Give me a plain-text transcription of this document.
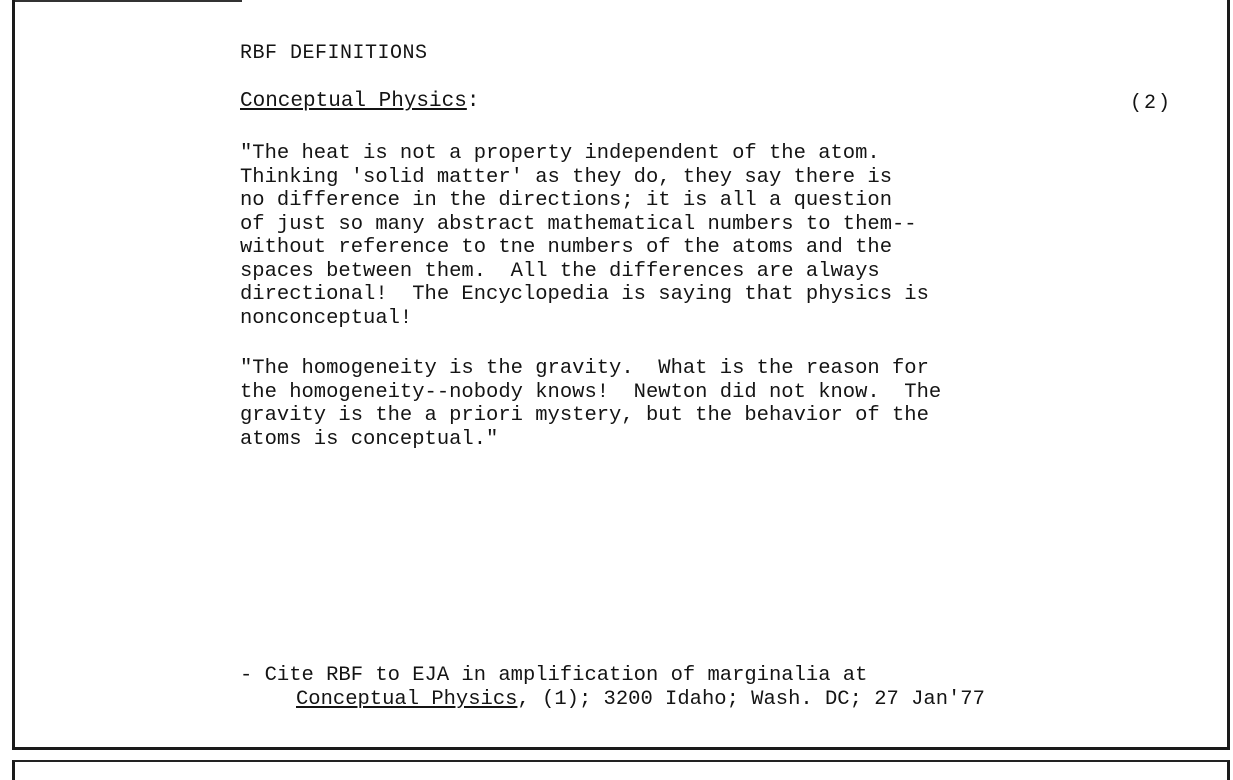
RBF DEFINITIONS
Conceptual Physics:	(2)
"The heat is not a property independent of the atom.
Thinking 'solid matter' as they do, they say there is
no difference in the directions; it is all a question
of just so many abstract mathematical numbers to them--
without reference to tne numbers of the atoms and the
spaces between them.  All the differences are always
directional!  The Encyclopedia is saying that physics is
nonconceptual!
"The homogeneity is the gravity.  What is the reason for
the homogeneity--nobody knows!  Newton did not know.  The
gravity is the a priori mystery, but the behavior of the
atoms is conceptual."
- Cite RBF to EJA in amplification of marginalia at
Conceptual Physics, (1); 3200 Idaho; Wash. DC; 27 Jan'77
